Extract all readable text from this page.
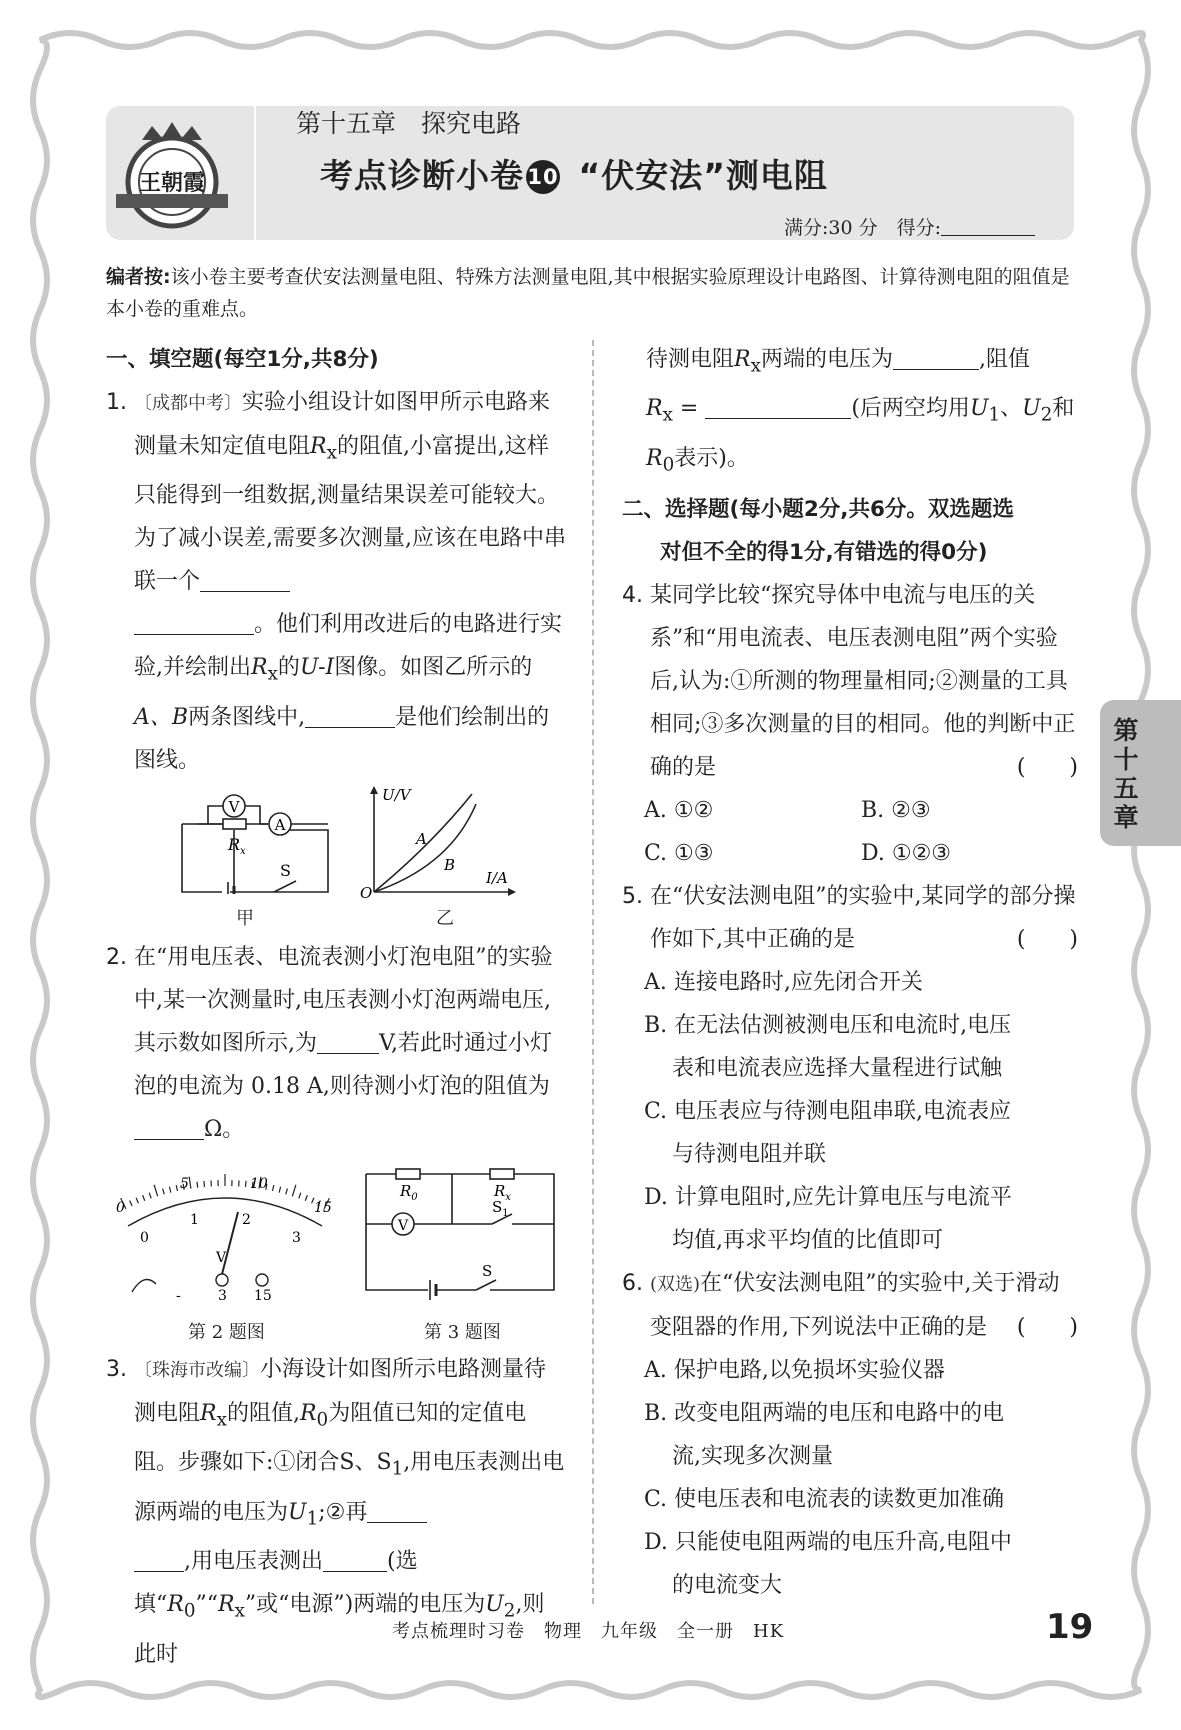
王朝霞
第十五章　探究电路
考点诊断小卷 10 “伏安法”测电阻
满分:30 分　得分:
编者按:该小卷主要考查伏安法测量电阻、特殊方法测量电阻,其中根据实验原理设计电路图、计算待测电阻的阻值是本小卷的重难点。
一、填空题(每空1分,共8分)
1. 〔成都中考〕实验小组设计如图甲所示电路来测量未知定值电阻$R_x$的阻值,小富提出,这样只能得到一组数据,测量结果误差可能较大。为了减小误差,需要多次测量,应该在电路中串联一个
。他们利用改进后的电路进行实验,并绘制出$R_x$的U-I图像。如图乙所示的A、B两条图线中,	是他们绘制出的图线。
V
A
$R_x$
S
甲
U/V
I/A
O
A
B
乙
2. 在“用电压表、电流表测小灯泡电阻”的实验中,某一次测量时,电压表测小灯泡两端电压,其示数如图所示,为	V,若此时通过小灯泡的电流为 0.18 A,则待测小灯泡的阻值为Ω。
0
5	10
15
0
1	2
3
V
-	3 15
第 2 题图
V
$R_0$	$R_x$
$S_1$
S
第 3 题图
3. 〔珠海市改编〕小海设计如图所示电路测量待测电阻$R_x$的阻值$,R_0$为阻值已知的定值电阻。步骤如下:①闭合S、$S_1$,用电压表测出电源两端的电压为$U_1;②$再
,用电压表测出	(选填“$R_0”“R_x$”或“电源”)两端的电压为$U_2$,则此时
待测电阻$R_x$两端的电压为	,阻值
$R_x$ =	(后两空均用$U_1$、$U_2$和
$R_0$表示)。
二、选择题(每小题2分,共6分。双选题选
对但不全的得1分,有错选的得0分)
4. 某同学比较“探究导体中电流与电压的关系”和“用电流表、电压表测电阻”两个实验后,认为:①所测的物理量相同;②测量的工具相同;③多次测量的目的相同。他的判断中正确的是	(　　)
A. ①②	B. ②③
C. ①③	D. ①②③
5. 在“伏安法测电阻”的实验中,某同学的部分操作如下,其中正确的是	(　　)
A. 连接电路时,应先闭合开关
B. 在无法估测被测电压和电流时,电压
表和电流表应选择大量程进行试触
C. 电压表应与待测电阻串联,电流表应
与待测电阻并联
D. 计算电阻时,应先计算电压与电流平
均值,再求平均值的比值即可
6. (双选)在“伏安法测电阻”的实验中,关于滑动变阻器的作用,下列说法中正确的是 (　　)
A. 保护电路,以免损坏实验仪器
B. 改变电阻两端的电压和电路中的电
流,实现多次测量
C. 使电压表和电流表的读数更加准确
D. 只能使电阻两端的电压升高,电阻中
的电流变大
第十五章
考点梳理时习卷　物理　九年级　全一册　HK	19
